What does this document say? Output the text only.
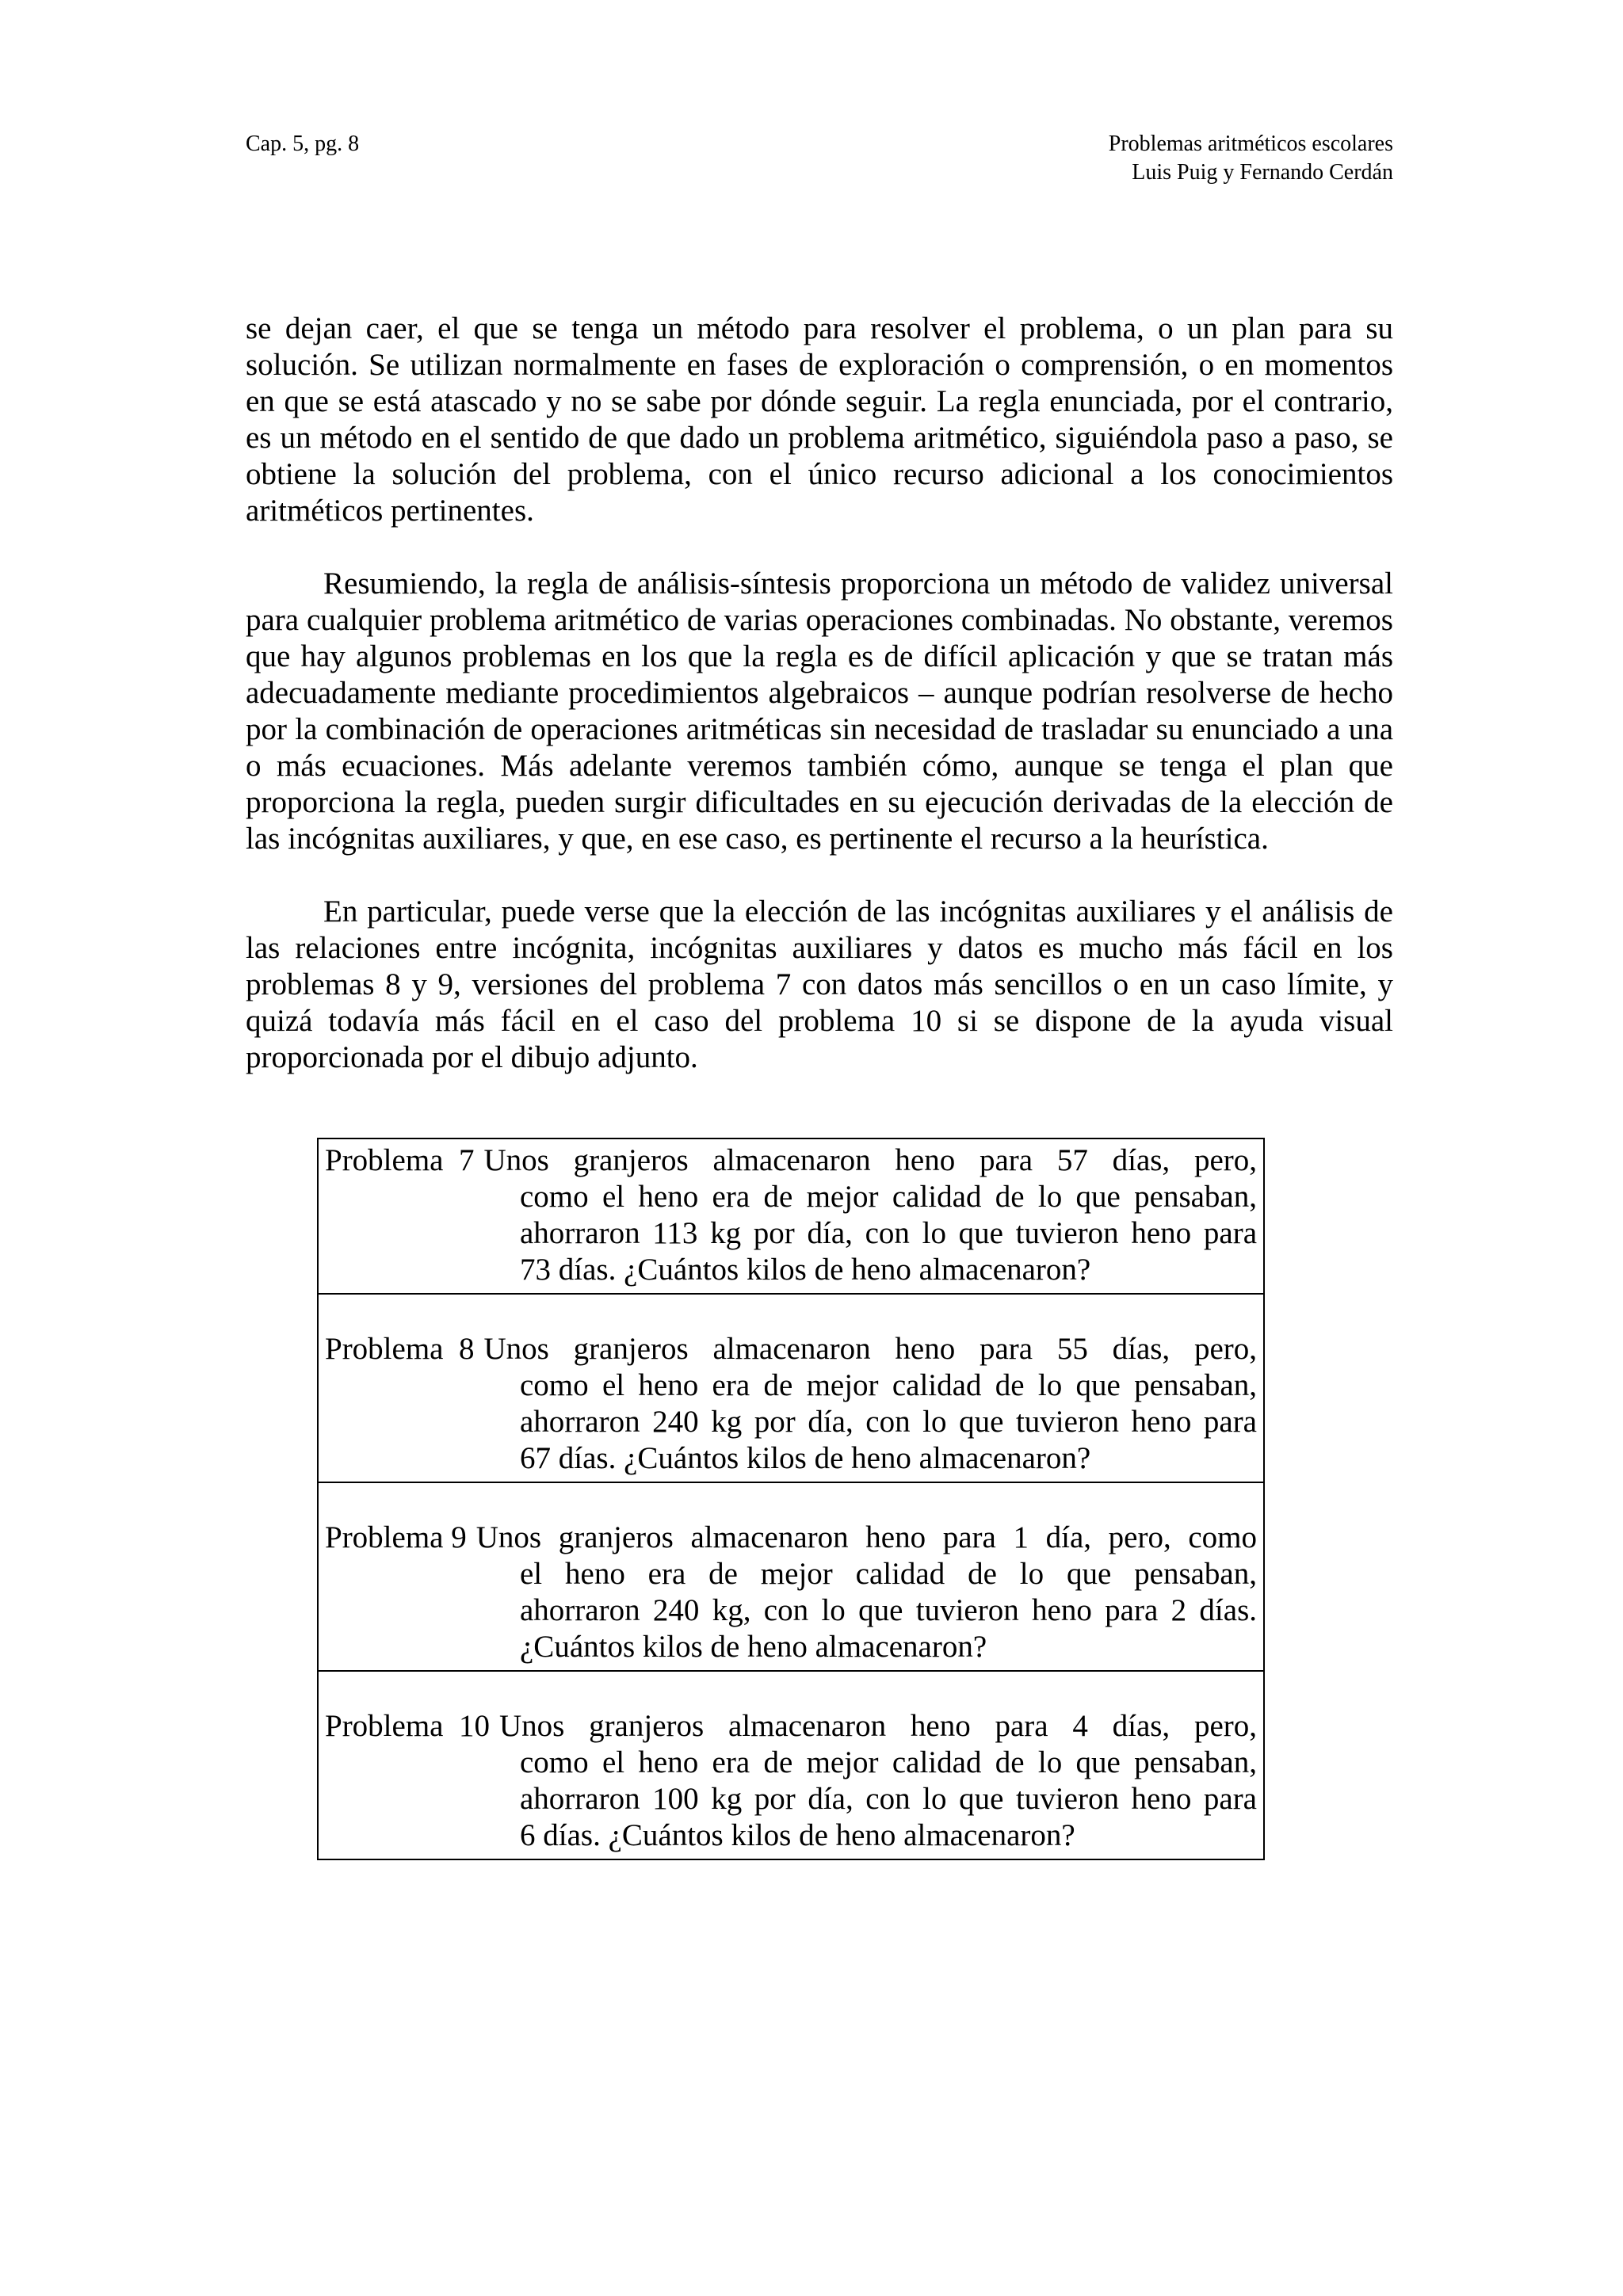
Cap. 5, pg. 8	Problemas aritméticos escolares
Luis Puig y Fernando Cerdán

se dejan caer, el que se tenga un método para resolver el problema, o un plan para su solución. Se utilizan normalmente en fases de exploración o comprensión, o en momentos en que se está atascado y no se sabe por dónde seguir. La regla enunciada, por el contrario, es un método en el sentido de que dado un problema aritmético, siguiéndola paso a paso, se obtiene la solución del problema, con el único recurso adicional a los conocimientos aritméticos pertinentes.

Resumiendo, la regla de análisis-síntesis proporciona un método de validez universal para cualquier problema aritmético de varias operaciones combinadas. No obstante, veremos que hay algunos problemas en los que la regla es de difícil aplicación y que se tratan más adecuadamente mediante procedimientos algebraicos – aunque podrían resolverse de hecho por la combinación de operaciones aritméticas sin necesidad de trasladar su enunciado a una o más ecuaciones. Más adelante veremos también cómo, aunque se tenga el plan que proporciona la regla, pueden surgir dificultades en su ejecución derivadas de la elección de las incógnitas auxiliares, y que, en ese caso, es pertinente el recurso a la heurística.

En particular, puede verse que la elección de las incógnitas auxiliares y el análisis de las relaciones entre incógnita, incógnitas auxiliares y datos es mucho más fácil en los problemas 8 y 9, versiones del problema 7 con datos más sencillos o en un caso límite, y quizá todavía más fácil en el caso del problema 10 si se dispone de la ayuda visual proporcionada por el dibujo adjunto.

Problema  7 Unos granjeros almacenaron heno para 57 días, pero,
como el heno era de mejor calidad de lo que pensaban,
ahorraron 113 kg por día, con lo que tuvieron heno para
73 días. ¿Cuántos kilos de heno almacenaron?
Problema  8 Unos granjeros almacenaron heno para 55 días, pero,
como el heno era de mejor calidad de lo que pensaban,
ahorraron 240 kg por día, con lo que tuvieron heno para
67 días. ¿Cuántos kilos de heno almacenaron?
Problema 9 Unos granjeros almacenaron heno para 1 día, pero, como
el heno era de mejor calidad de lo que pensaban,
ahorraron 240 kg, con lo que tuvieron heno para 2 días.
¿Cuántos kilos de heno almacenaron?
Problema  10 Unos granjeros almacenaron heno para 4 días, pero,
como el heno era de mejor calidad de lo que pensaban,
ahorraron 100 kg por día, con lo que tuvieron heno para
6 días. ¿Cuántos kilos de heno almacenaron?
